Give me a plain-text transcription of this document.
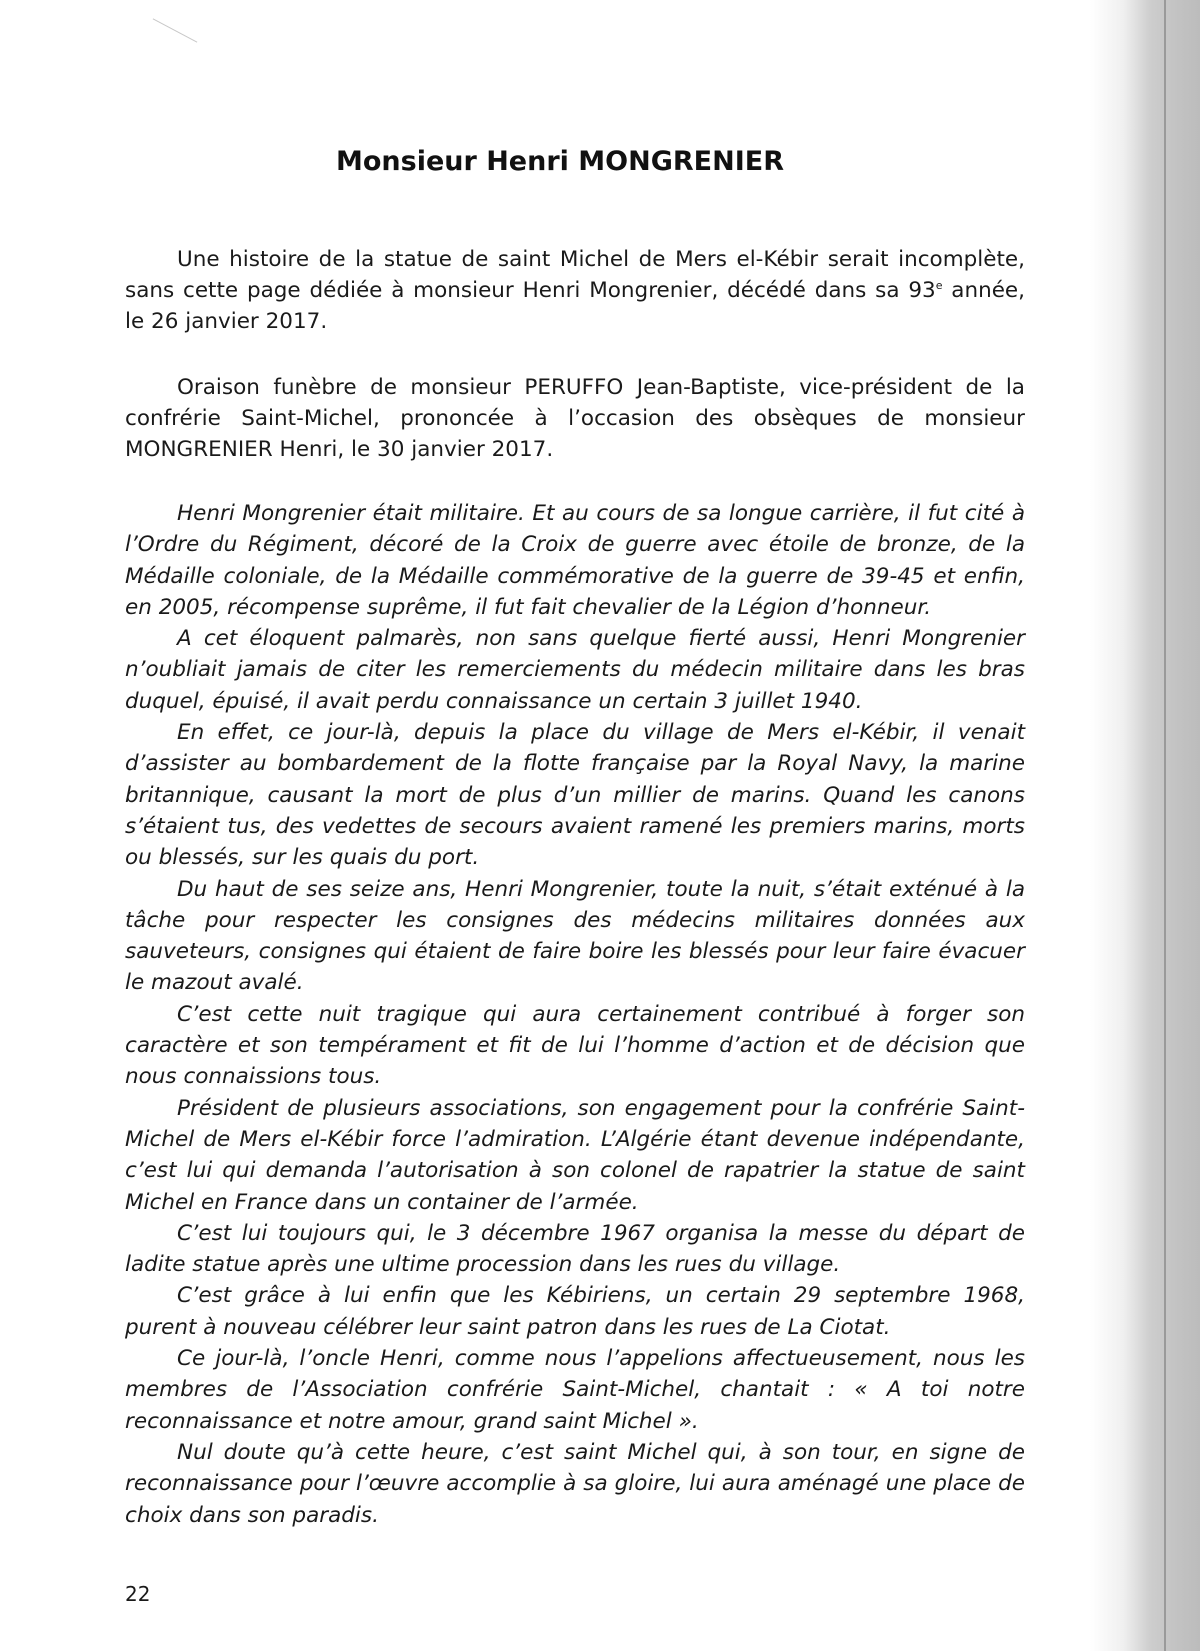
Monsieur Henri MONGRENIER

Une histoire de la statue de saint Michel de Mers el-Kébir serait incomplète, sans cette page dédiée à monsieur Henri Mongrenier, décédé dans sa 93e année, le 26 janvier 2017.

Oraison funèbre de monsieur PERUFFO Jean-Baptiste, vice-président de la confrérie Saint-Michel, prononcée à l’occasion des obsèques de monsieur MONGRENIER Henri, le 30 janvier 2017.

Henri Mongrenier était militaire. Et au cours de sa longue carrière, il fut cité à l’Ordre du Régiment, décoré de la Croix de guerre avec étoile de bronze, de la Médaille coloniale, de la Médaille commémorative de la guerre de 39-45 et enfin, en 2005, récompense suprême, il fut fait chevalier de la Légion d’honneur.

A cet éloquent palmarès, non sans quelque fierté aussi, Henri Mongrenier n’oubliait jamais de citer les remerciements du médecin militaire dans les bras duquel, épuisé, il avait perdu connaissance un certain 3 juillet 1940.

En effet, ce jour-là, depuis la place du village de Mers el-Kébir, il venait d’assister au bombardement de la flotte française par la Royal Navy, la marine britannique, causant la mort de plus d’un millier de marins. Quand les canons s’étaient tus, des vedettes de secours avaient ramené les premiers marins, morts ou blessés, sur les quais du port.

Du haut de ses seize ans, Henri Mongrenier, toute la nuit, s’était exténué à la tâche pour respecter les consignes des médecins militaires données aux sauveteurs, consignes qui étaient de faire boire les blessés pour leur faire évacuer le mazout avalé.

C’est cette nuit tragique qui aura certainement contribué à forger son caractère et son tempérament et fit de lui l’homme d’action et de décision que nous connaissions tous.

Président de plusieurs associations, son engagement pour la confrérie Saint-Michel de Mers el-Kébir force l’admiration. L’Algérie étant devenue indépendante, c’est lui qui demanda l’autorisation à son colonel de rapatrier la statue de saint Michel en France dans un container de l’armée.

C’est lui toujours qui, le 3 décembre 1967 organisa la messe du départ de ladite statue après une ultime procession dans les rues du village.

C’est grâce à lui enfin que les Kébiriens, un certain 29 septembre 1968, purent à nouveau célébrer leur saint patron dans les rues de La Ciotat.

Ce jour-là, l’oncle Henri, comme nous l’appelions affectueusement, nous les membres de l’Association confrérie Saint-Michel, chantait : « A toi notre reconnaissance et notre amour, grand saint Michel ».

Nul doute qu’à cette heure, c’est saint Michel qui, à son tour, en signe de reconnaissance pour l’œuvre accomplie à sa gloire, lui aura aménagé une place de choix dans son paradis.

22
